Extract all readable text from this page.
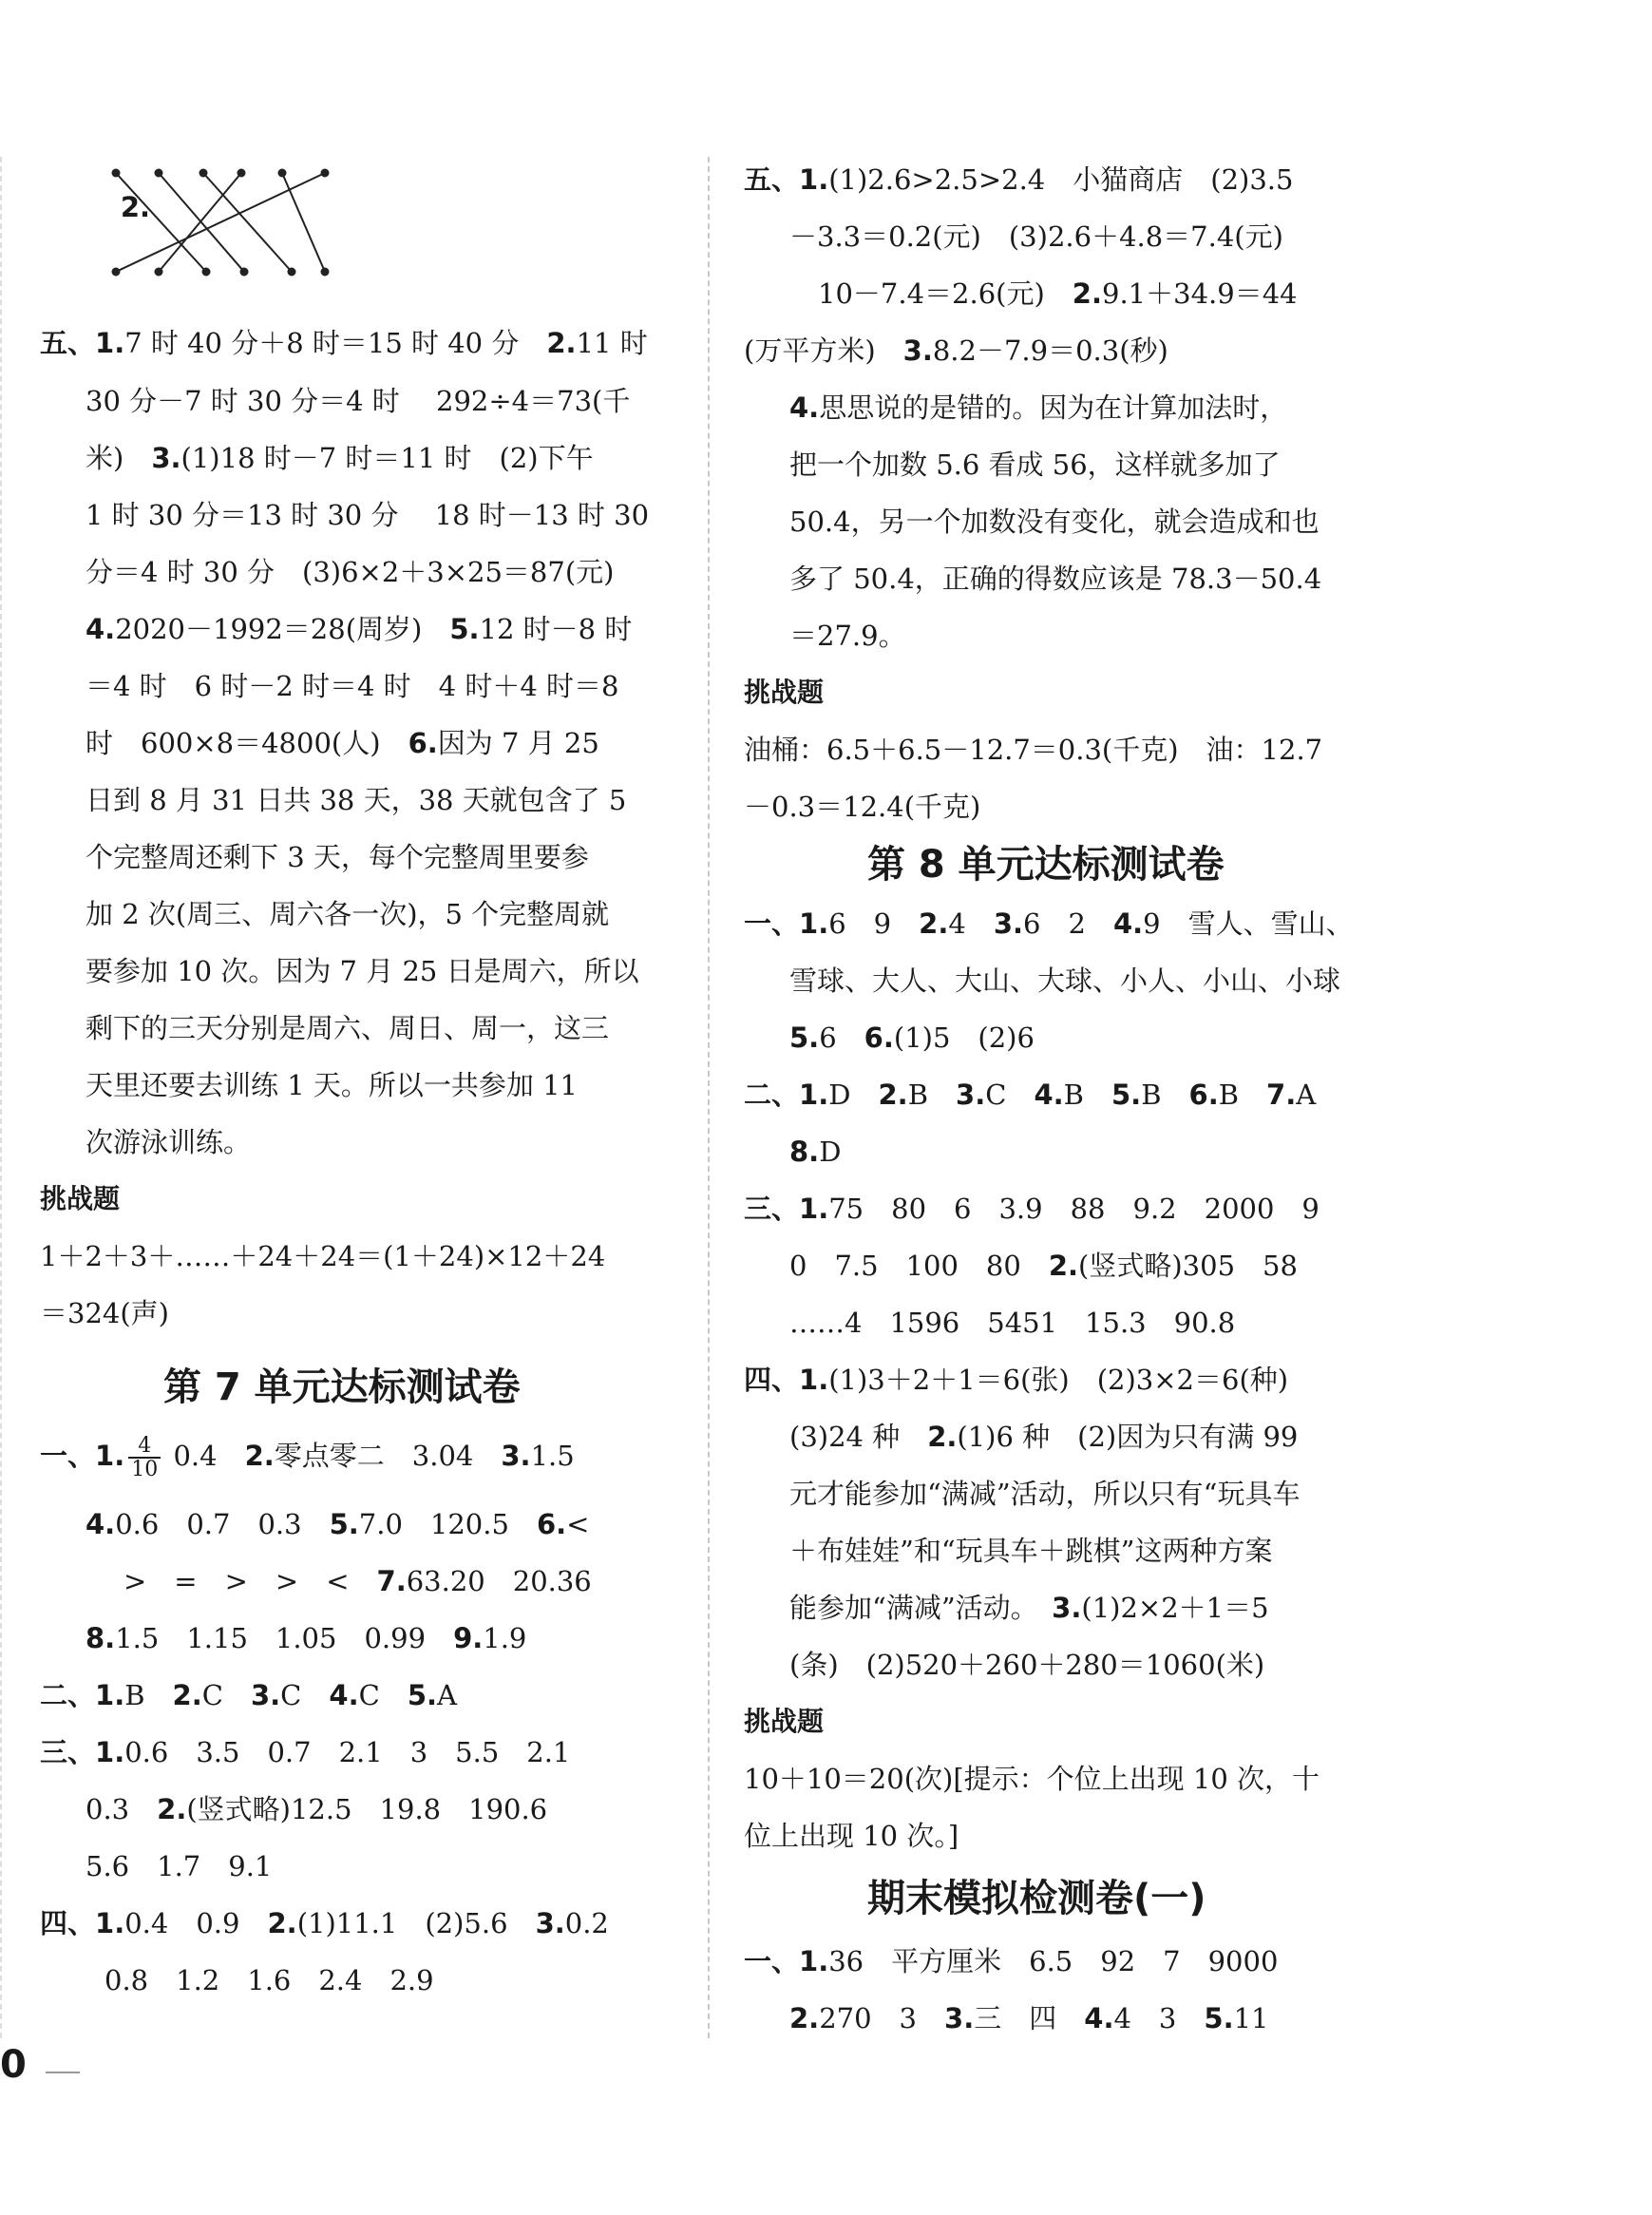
2.

五、1.7 时 40 分＋8 时＝15 时 40 分　 2.11 时
30 分－7 时 30 分＝4 时　 292÷4＝73(千
米)　 3.(1)18 时－7 时＝11 时　(2)下午
1 时 30 分＝13 时 30 分　 18 时－13 时 30
分＝4 时 30 分　(3)6×2＋3×25＝87(元)
4.2020－1992＝28(周岁)　 5.12 时－8 时
＝4 时　6 时－2 时＝4 时　4 时＋4 时＝8
时　600×8＝4800(人)　 6.因为 7 月 25
日到 8 月 31 日共 38 天，38 天就包含了 5
个完整周还剩下 3 天，每个完整周里要参
加 2 次(周三、周六各一次)，5 个完整周就
要参加 10 次。因为 7 月 25 日是周六，所以
剩下的三天分别是周六、周日、周一，这三
天里还要去训练 1 天。所以一共参加 11
次游泳训练。
挑战题
1＋2＋3＋……＋24＋24＝(1＋24)×12＋24
＝324(声)
第 7 单元达标测试卷
一、1. $\frac{4}{10} 0.4$　 2.零点零二　3.04　 3.1.5
4.0.6　0.7　0.3　 5.7.0　120.5　 6.<
>　=　>　>　<　 7.63.20　20.36
8.1.5　1.15　1.05　0.99　 9.1.9
二、1.B　 2.C　 3.C　 4.C　 5.A
三、1.0.6　3.5　0.7　2.1　3　5.5　2.1
0.3　 2.(竖式略)12.5　19.8　190.6
5.6　1.7　9.1
四、1.0.4　0.9　 2.(1)11.1　(2)5.6　 3.0.2
0.8　1.2　1.6　2.4　2.9
0
五、1.(1)2.6>2.5>2.4　小猫商店　(2)3.5
－3.3＝0.2(元)　(3)2.6＋4.8＝7.4(元)
10－7.4＝2.6(元)　 2.9.1＋34.9＝44
(万平方米)　 3.8.2－7.9＝0.3(秒)
4.思思说的是错的。因为在计算加法时，
把一个加数 5.6 看成 56，这样就多加了
50.4，另一个加数没有变化，就会造成和也
多了 50.4，正确的得数应该是 78.3－50.4
＝27.9。
挑战题
油桶：6.5＋6.5－12.7＝0.3(千克)　油：12.7
－0.3＝12.4(千克)
第 8 单元达标测试卷
一、1.6　9　 2.4　 3.6　2　 4.9　雪人、雪山、
雪球、大人、大山、大球、小人、小山、小球
5.6　 6.(1)5　(2)6
二、1.D　 2.B　 3.C　 4.B　 5.B　 6.B　 7.A
8.D
三、1.75　80　6　3.9　88　9.2　2000　9
0　7.5　100　80　 2.(竖式略)305　58
……4　1596　5451　15.3　90.8
四、1.(1)3＋2＋1＝6(张)　(2)3×2＝6(种)
(3)24 种　 2.(1)6 种　(2)因为只有满 99
元才能参加“满减”活动，所以只有“玩具车
＋布娃娃”和“玩具车＋跳棋”这两种方案
能参加“满减”活动。　 3.(1)2×2＋1＝5
(条)　(2)520＋260＋280＝1060(米)
挑战题
10＋10＝20(次)[提示：个位上出现 10 次，十
位上出现 10 次。]
期末模拟检测卷(一)
一、1.36　平方厘米　6.5　92　7　9000
2.270　3　 3.三　四　 4.4　3　 5.11
